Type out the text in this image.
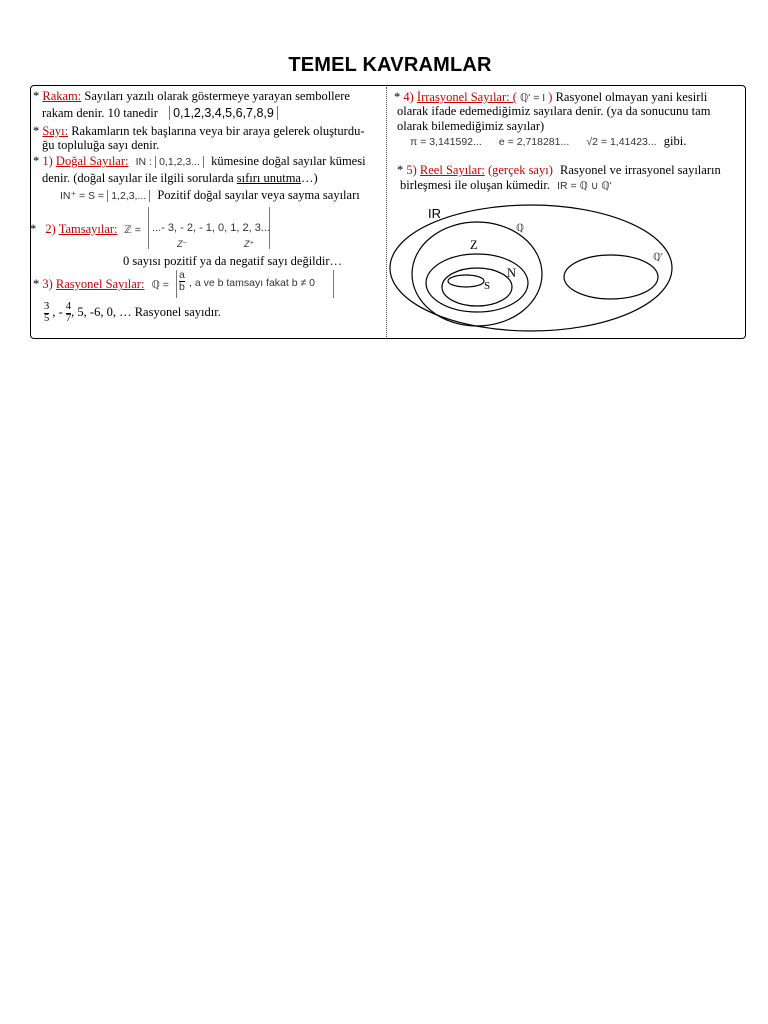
TEMEL KAVRAMLAR
* Rakam: Sayıları yazılı olarak göstermeye yarayan sembollere
rakam denir. 10 tanedir 0,1,2,3,4,5,6,7,8,9
* Sayı: Rakamların tek başlarına veya bir araya gelerek oluşturdu-
ğu topluluğa sayı denir.
* 1) Doğal Sayılar: IN : 0,1,2,3... kümesine doğal sayılar kümesi
denir. (doğal sayılar ile ilgili sorularda sıfırı unutma…)
IN⁺ = S = 1,2,3,... Pozitif doğal sayılar veya sayma sayıları
* 2) Tamsayılar: ℤ = ...- 3, - 2, - 1, 0, 1, 2, 3...
Z⁻	Z⁺
0 sayısı pozitif ya da negatif sayı değildir…
* 3) Rasyonel Sayılar: ℚ = $\frac{a}{b}$ , a ve b tamsayı fakat b ≠ 0
$\frac{3}{5}$ , - $\frac{4}{7}$ , 5, -6, 0, … Rasyonel sayıdır.
* 4) İrrasyonel Sayılar: ( ℚ' = I ) Rasyonel olmayan yani kesirli
olarak ifade edemediğimiz sayılara denir. (ya da sonucunu tam
olarak bilemediğimiz sayılar)
π = 3,141592... e = 2,718281... √2 = 1,41423... gibi.
* 5) Reel Sayılar: (gerçek sayı) Rasyonel ve irrasyonel sayıların
birleşmesi ile oluşan kümedir. IR = ℚ ∪ ℚ'
IR
ℚ
Z
N
S
ℚ'
